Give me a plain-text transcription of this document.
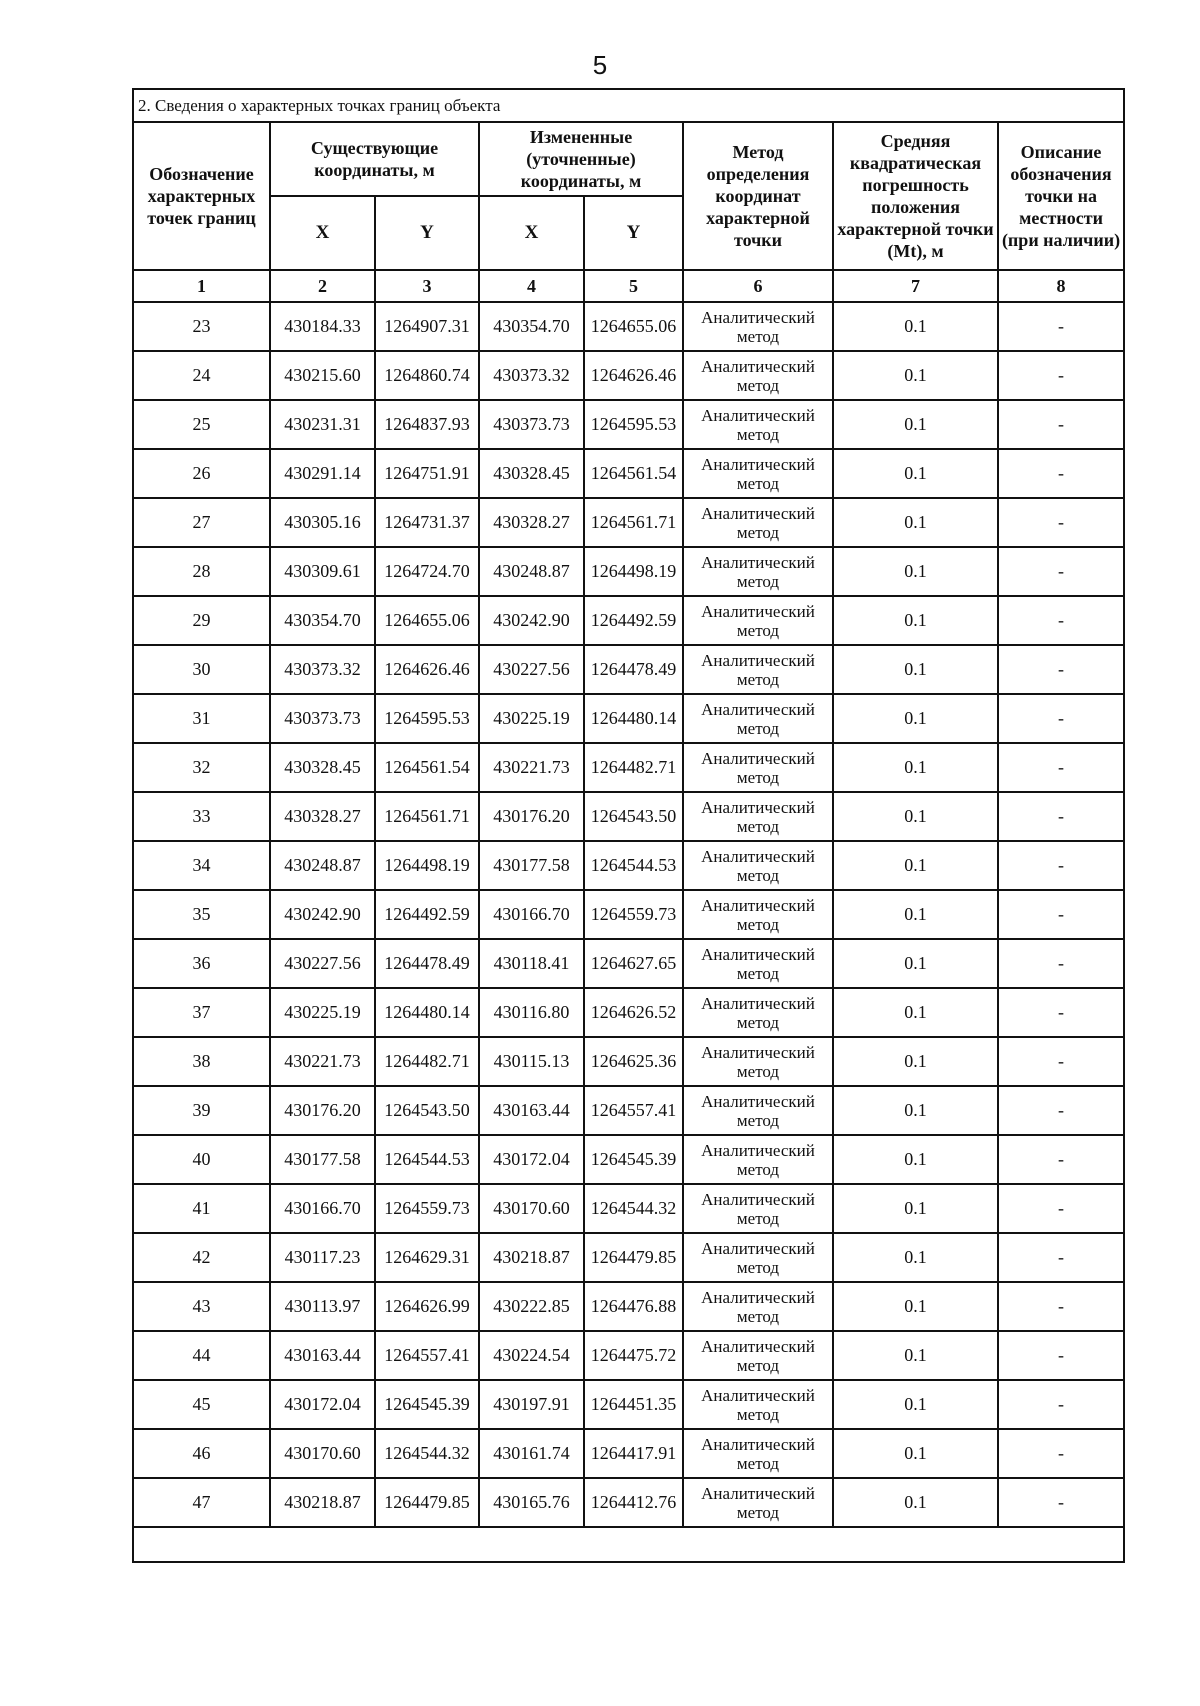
5
2. Сведения о характерных точках границ объекта							
Обозначение характерных точек границ	Существующие координаты, м		Измененные (уточненные) координаты, м		Метод определения координат характерной точки	Средняя квадратическая погрешность положения характерной точки (Mt), м	Описание обозначения точки на местности (при наличии)
	X	Y	X	Y			
1	2	3	4	5	6	7	8
23	430184.33	1264907.31	430354.70	1264655.06	Аналитический метод	0.1	-
24	430215.60	1264860.74	430373.32	1264626.46	Аналитический метод	0.1	-
25	430231.31	1264837.93	430373.73	1264595.53	Аналитический метод	0.1	-
26	430291.14	1264751.91	430328.45	1264561.54	Аналитический метод	0.1	-
27	430305.16	1264731.37	430328.27	1264561.71	Аналитический метод	0.1	-
28	430309.61	1264724.70	430248.87	1264498.19	Аналитический метод	0.1	-
29	430354.70	1264655.06	430242.90	1264492.59	Аналитический метод	0.1	-
30	430373.32	1264626.46	430227.56	1264478.49	Аналитический метод	0.1	-
31	430373.73	1264595.53	430225.19	1264480.14	Аналитический метод	0.1	-
32	430328.45	1264561.54	430221.73	1264482.71	Аналитический метод	0.1	-
33	430328.27	1264561.71	430176.20	1264543.50	Аналитический метод	0.1	-
34	430248.87	1264498.19	430177.58	1264544.53	Аналитический метод	0.1	-
35	430242.90	1264492.59	430166.70	1264559.73	Аналитический метод	0.1	-
36	430227.56	1264478.49	430118.41	1264627.65	Аналитический метод	0.1	-
37	430225.19	1264480.14	430116.80	1264626.52	Аналитический метод	0.1	-
38	430221.73	1264482.71	430115.13	1264625.36	Аналитический метод	0.1	-
39	430176.20	1264543.50	430163.44	1264557.41	Аналитический метод	0.1	-
40	430177.58	1264544.53	430172.04	1264545.39	Аналитический метод	0.1	-
41	430166.70	1264559.73	430170.60	1264544.32	Аналитический метод	0.1	-
42	430117.23	1264629.31	430218.87	1264479.85	Аналитический метод	0.1	-
43	430113.97	1264626.99	430222.85	1264476.88	Аналитический метод	0.1	-
44	430163.44	1264557.41	430224.54	1264475.72	Аналитический метод	0.1	-
45	430172.04	1264545.39	430197.91	1264451.35	Аналитический метод	0.1	-
46	430170.60	1264544.32	430161.74	1264417.91	Аналитический метод	0.1	-
47	430218.87	1264479.85	430165.76	1264412.76	Аналитический метод	0.1	-
